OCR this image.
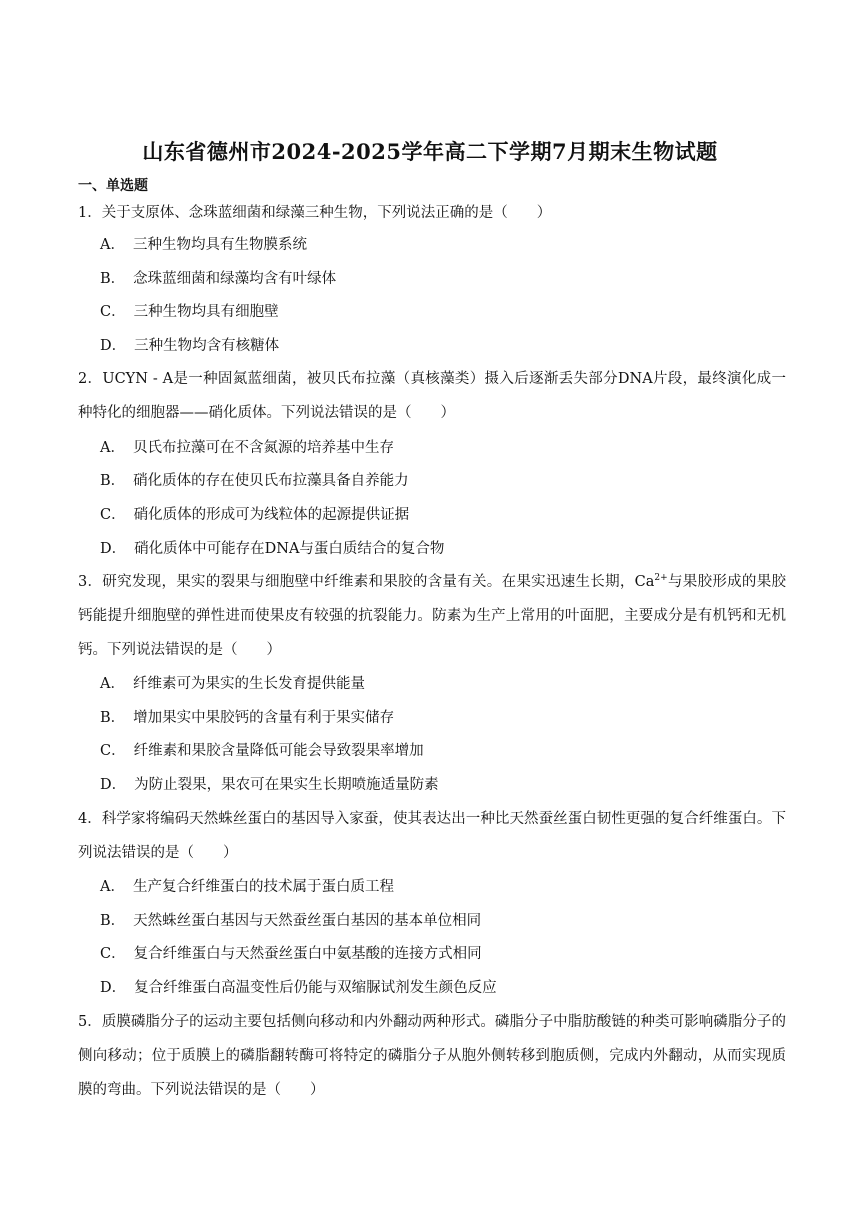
山东省德州市2024-2025学年高二下学期7月期末生物试题
一、单选题
1．关于支原体、念珠蓝细菌和绿藻三种生物，下列说法正确的是（　　）
A． 三种生物均具有生物膜系统
B． 念珠蓝细菌和绿藻均含有叶绿体
C． 三种生物均具有细胞壁
D． 三种生物均含有核糖体
2．UCYN - A是一种固氮蓝细菌，被贝氏布拉藻（真核藻类）摄入后逐渐丢失部分DNA片段，最终演化成一种特化的细胞器——硝化质体。下列说法错误的是（　　）
A． 贝氏布拉藻可在不含氮源的培养基中生存
B． 硝化质体的存在使贝氏布拉藻具备自养能力
C． 硝化质体的形成可为线粒体的起源提供证据
D． 硝化质体中可能存在DNA与蛋白质结合的复合物
3．研究发现，果实的裂果与细胞壁中纤维素和果胶的含量有关。在果实迅速生长期，$Ca^{2+}$与果胶形成的果胶钙能提升细胞壁的弹性进而使果皮有较强的抗裂能力。防素为生产上常用的叶面肥，主要成分是有机钙和无机钙。下列说法错误的是（　　）
A． 纤维素可为果实的生长发育提供能量
B． 增加果实中果胶钙的含量有利于果实储存
C． 纤维素和果胶含量降低可能会导致裂果率增加
D． 为防止裂果，果农可在果实生长期喷施适量防素
4．科学家将编码天然蛛丝蛋白的基因导入家蚕，使其表达出一种比天然蚕丝蛋白韧性更强的复合纤维蛋白。下列说法错误的是（　　）
A． 生产复合纤维蛋白的技术属于蛋白质工程
B． 天然蛛丝蛋白基因与天然蚕丝蛋白基因的基本单位相同
C． 复合纤维蛋白与天然蚕丝蛋白中氨基酸的连接方式相同
D． 复合纤维蛋白高温变性后仍能与双缩脲试剂发生颜色反应
5．质膜磷脂分子的运动主要包括侧向移动和内外翻动两种形式。磷脂分子中脂肪酸链的种类可影响磷脂分子的侧向移动；位于质膜上的磷脂翻转酶可将特定的磷脂分子从胞外侧转移到胞质侧，完成内外翻动，从而实现质膜的弯曲。下列说法错误的是（　　）
